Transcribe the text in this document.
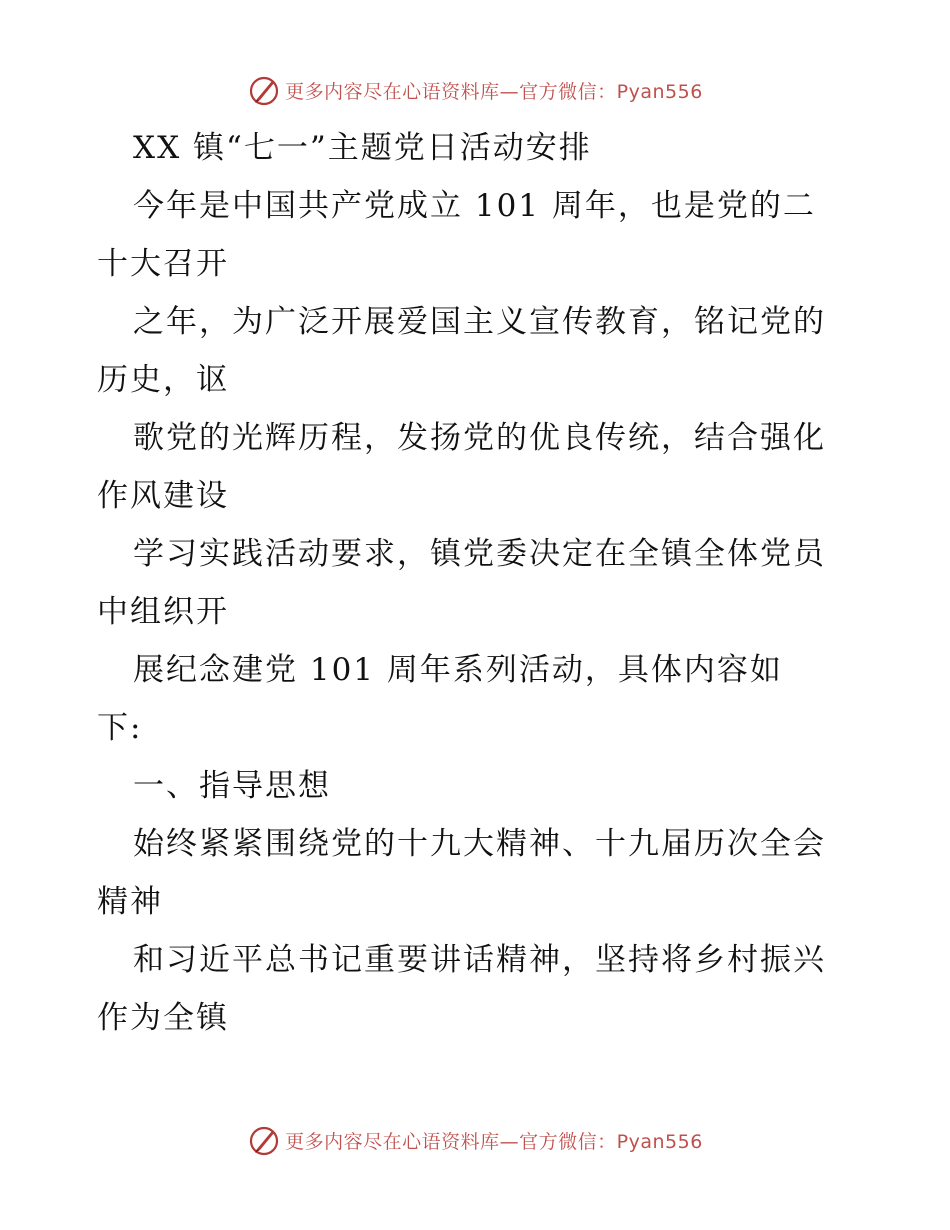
更多内容尽在心语资料库—官方微信：Pyan556
XX 镇“七一”主题党日活动安排
今年是中国共产党成立 101 周年，也是党的二
十大召开
之年，为广泛开展爱国主义宣传教育，铭记党的
历史，讴
歌党的光辉历程，发扬党的优良传统，结合强化
作风建设
学习实践活动要求，镇党委决定在全镇全体党员
中组织开
展纪念建党 101 周年系列活动，具体内容如
下:
一、指导思想
始终紧紧围绕党的十九大精神、十九届历次全会
精神
和习近平总书记重要讲话精神，坚持将乡村振兴
作为全镇
更多内容尽在心语资料库—官方微信：Pyan556
